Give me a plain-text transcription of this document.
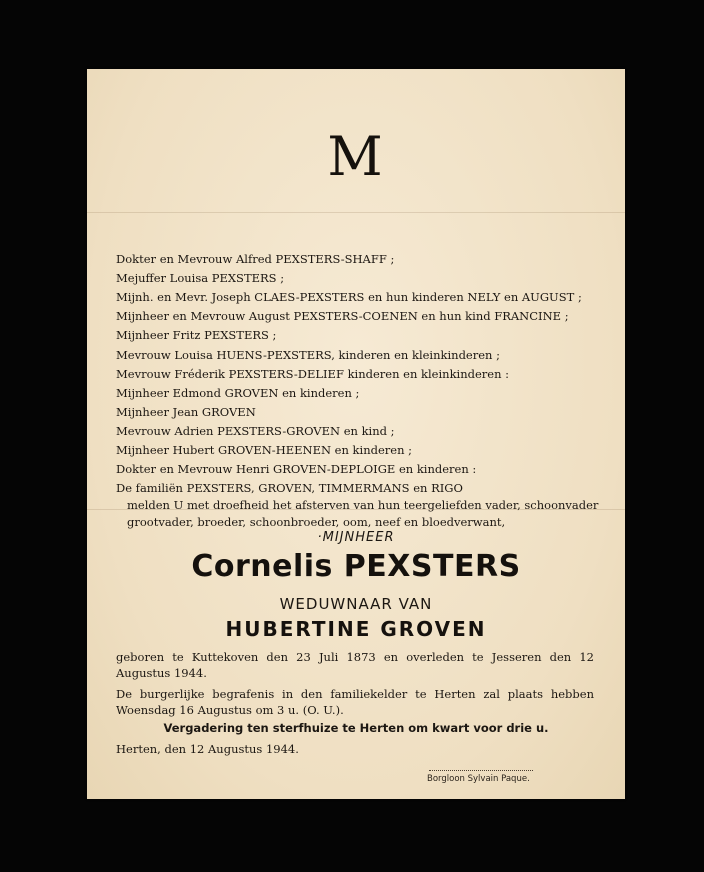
M
Dokter en Mevrouw Alfred PEXSTERS-SHAFF ;
Mejuffer Louisa PEXSTERS ;
Mijnh. en Mevr. Joseph CLAES-PEXSTERS en hun kinderen NELY en AUGUST ;
Mijnheer en Mevrouw August PEXSTERS-COENEN en hun kind FRANCINE ;
Mijnheer Fritz PEXSTERS ;
Mevrouw Louisa HUENS-PEXSTERS, kinderen en kleinkinderen ;
Mevrouw Fréderik PEXSTERS-DELIEF kinderen en kleinkinderen :
Mijnheer Edmond GROVEN en kinderen ;
Mijnheer Jean GROVEN
Mevrouw Adrien PEXSTERS-GROVEN en kind ;
Mijnheer Hubert GROVEN-HEENEN en kinderen ;
Dokter en Mevrouw Henri GROVEN-DEPLOIGE en kinderen :
De familiën PEXSTERS, GROVEN, TIMMERMANS en RIGO
melden U met droefheid het afsterven van hun teergeliefden vader, schoonvader
grootvader, broeder, schoonbroeder, oom, neef en bloedverwant,
·MIJNHEER
Cornelis PEXSTERS
WEDUWNAAR VAN
HUBERTINE GROVEN
geboren te Kuttekoven den 23 Juli 1873 en overleden te Jesseren den 12 Augustus 1944.
De burgerlijke begrafenis in den familiekelder te Herten zal plaats hebben Woensdag 16 Augustus om 3 u. (O. U.).
Vergadering ten sterfhuize te Herten om kwart voor drie u.
Herten, den 12 Augustus 1944.
Borgloon Sylvain Paque.
